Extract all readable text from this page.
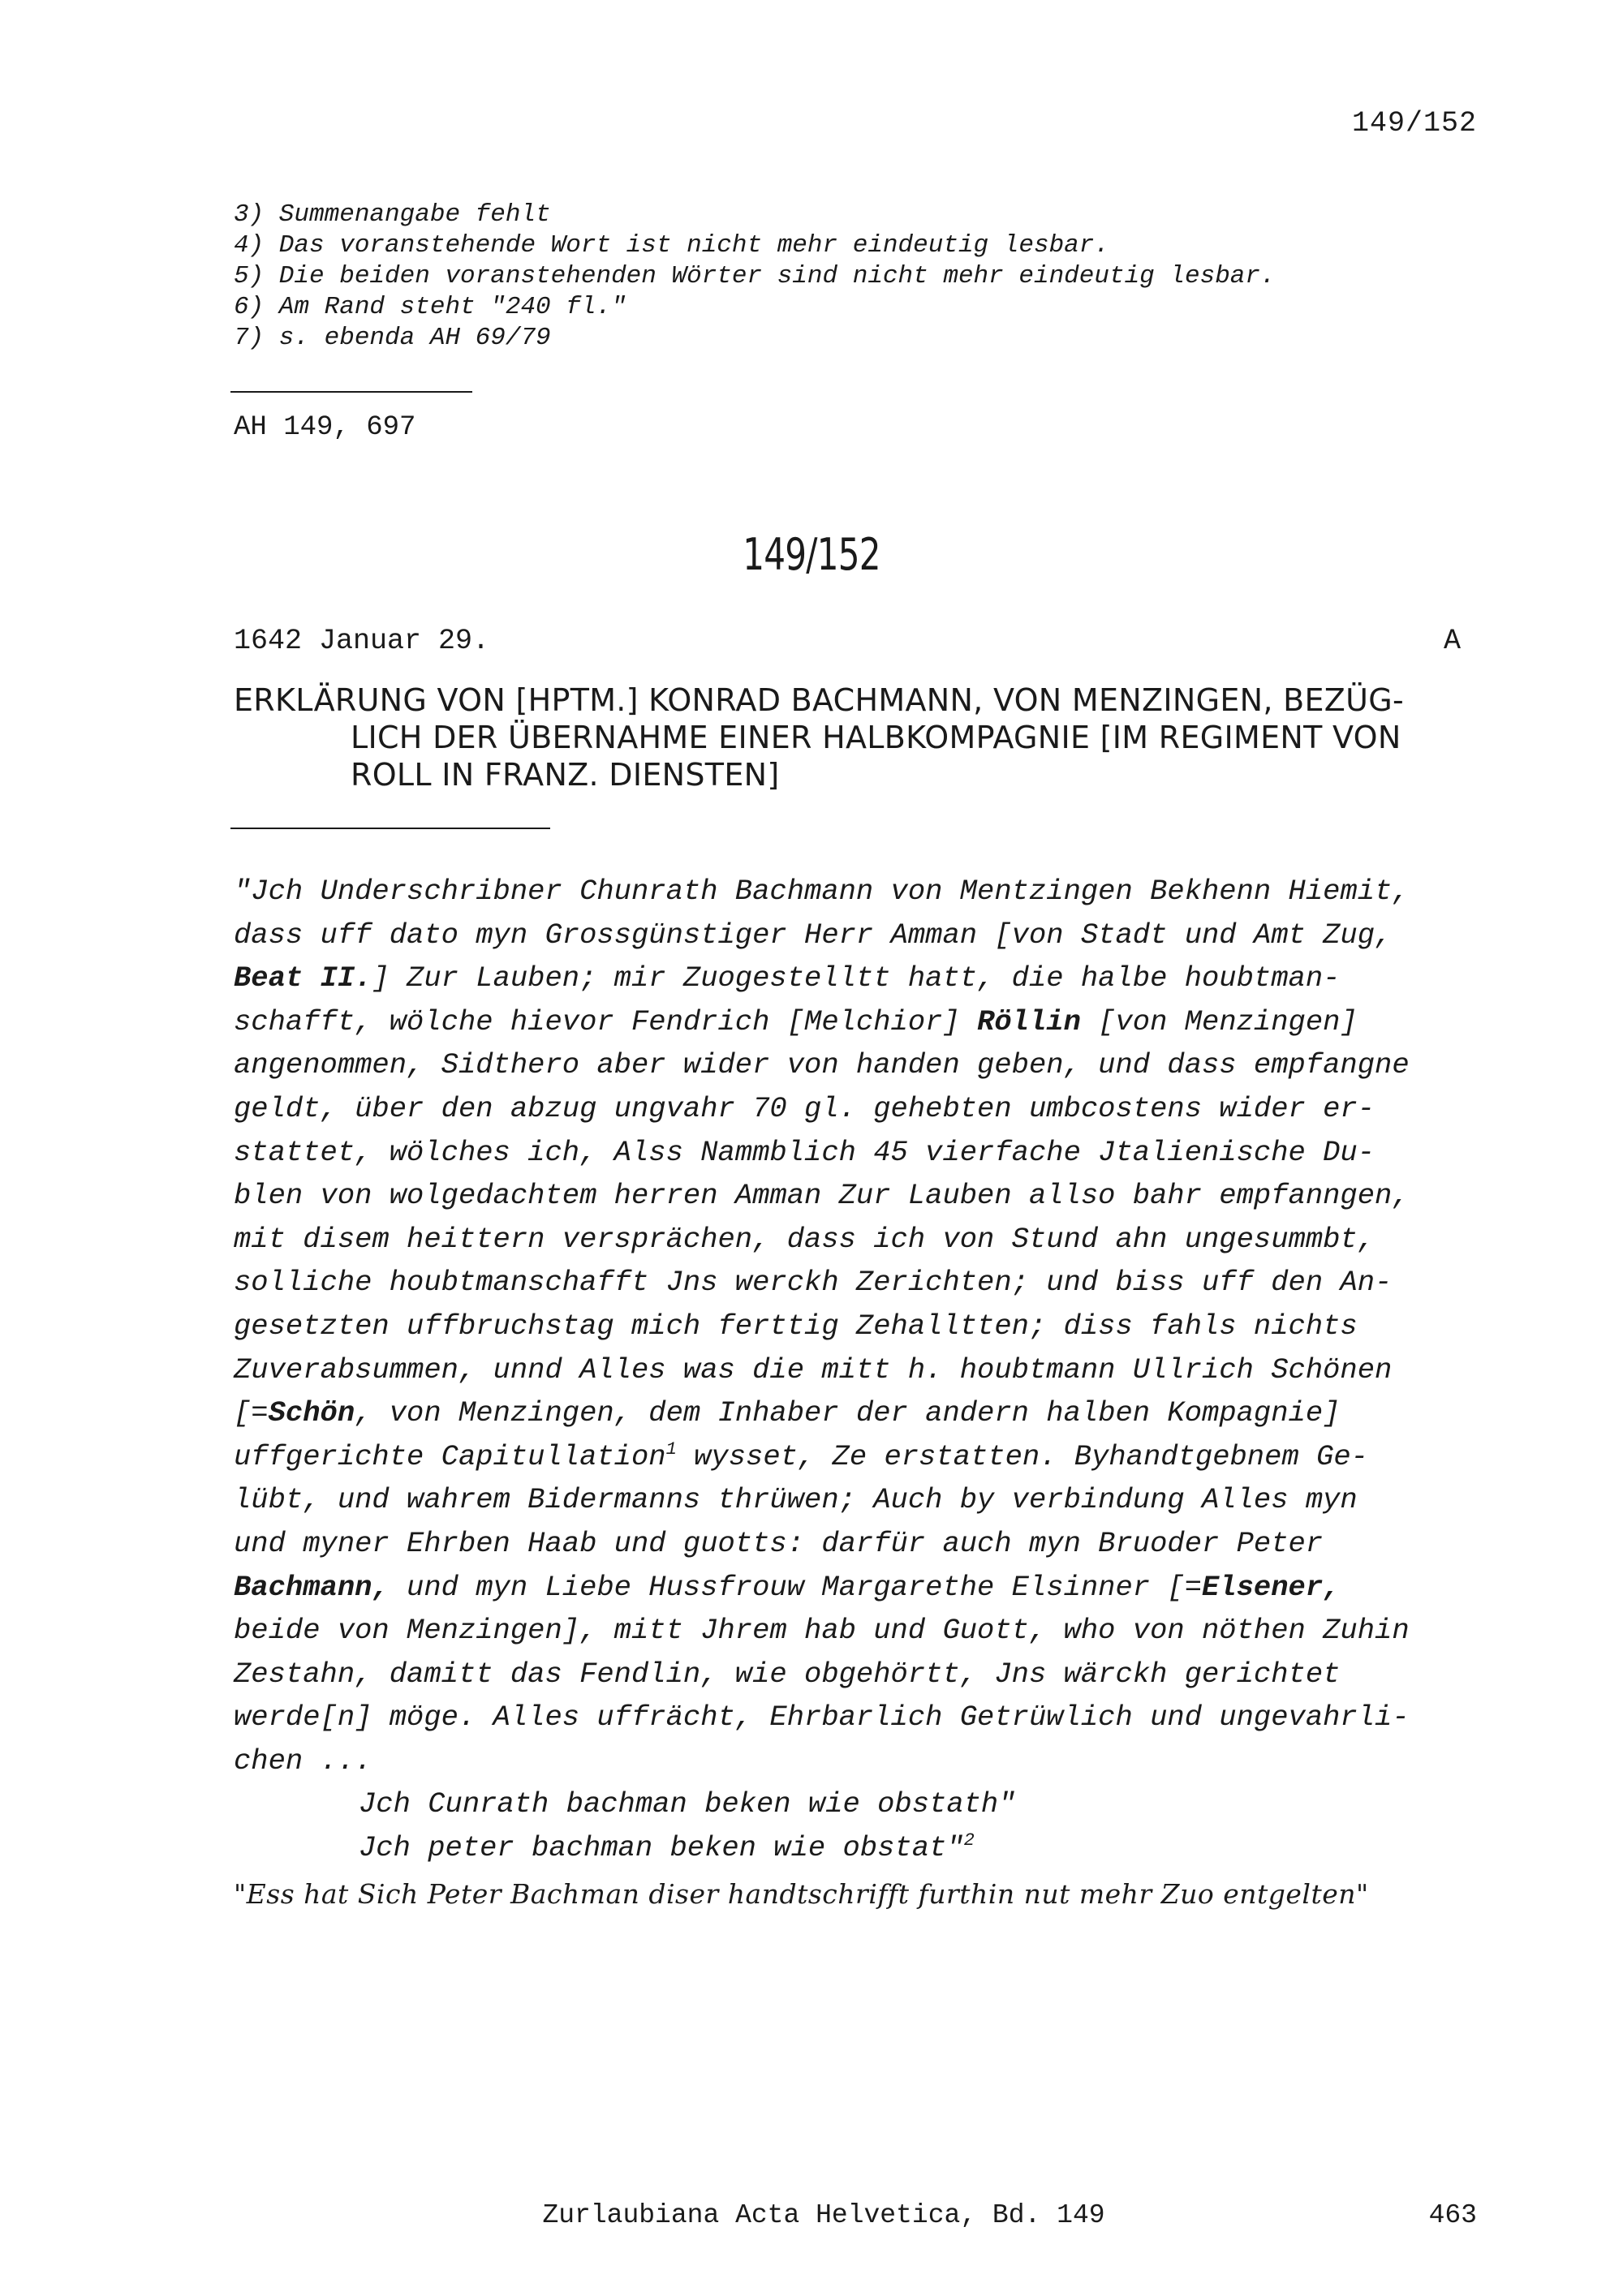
149/152
3) Summenangabe fehlt
4) Das voranstehende Wort ist nicht mehr eindeutig lesbar.
5) Die beiden voranstehenden Wörter sind nicht mehr eindeutig lesbar.
6) Am Rand steht "240 fl."
7) s. ebenda AH 69/79
AH 149, 697
149/152
1642 Januar 29.	A
ERKLÄRUNG VON [HPTM.] KONRAD BACHMANN, VON MENZINGEN, BEZÜG-LICH DER ÜBERNAHME EINER HALBKOMPAGNIE [IM REGIMENT VON ROLL IN FRANZ. DIENSTEN]
"Jch Underschribner Chunrath Bachmann von Mentzingen Bekhenn Hiemit,
dass uff dato myn Grossgünstiger Herr Amman [von Stadt und Amt Zug,
Beat II.] Zur Lauben; mir Zuogestelltt hatt, die halbe houbtman-
schafft, wölche hievor Fendrich [Melchior] Röllin [von Menzingen]
angenommen, Sidthero aber wider von handen geben, und dass empfangne
geldt, über den abzug ungvahr 70 gl. gehebten umbcostens wider er-
stattet, wölches ich, Alss Nammblich 45 vierfache Jtalienische Du-
blen von wolgedachtem herren Amman Zur Lauben allso bahr empfanngen,
mit disem heittern versprächen, dass ich von Stund ahn ungesummbt,
solliche houbtmanschafft Jns werckh Zerichten; und biss uff den An-
gesetzten uffbruchstag mich ferttig Zehalltten; diss fahls nichts
Zuverabsummen, unnd Alles was die mitt h. houbtmann Ullrich Schönen
[=Schön, von Menzingen, dem Inhaber der andern halben Kompagnie]
uffgerichte Capitullation$^1$ wysset, Ze erstatten. Byhandtgebnem Ge-
lübt, und wahrem Bidermanns thrüwen; Auch by verbindung Alles myn
und myner Ehrben Haab und guotts: darfür auch myn Bruoder Peter
Bachmann, und myn Liebe Hussfrouw Margarethe Elsinner [=Elsener,
beide von Menzingen], mitt Jhrem hab und Guott, who von nöthen Zuhin
Zestahn, damitt das Fendlin, wie obgehörtt, Jns wärckh gerichtet
werde[n] möge. Alles uffrächt, Ehrbarlich Getrüwlich und ungevahrli-
chen ...
Jch Cunrath bachman beken wie obstath"
Jch peter bachman beken wie obstat"$^2$
"Ess hat Sich Peter Bachman diser handtschrifft furthin nut mehr Zuo entgelten"
Zurlaubiana Acta Helvetica, Bd. 149	463
